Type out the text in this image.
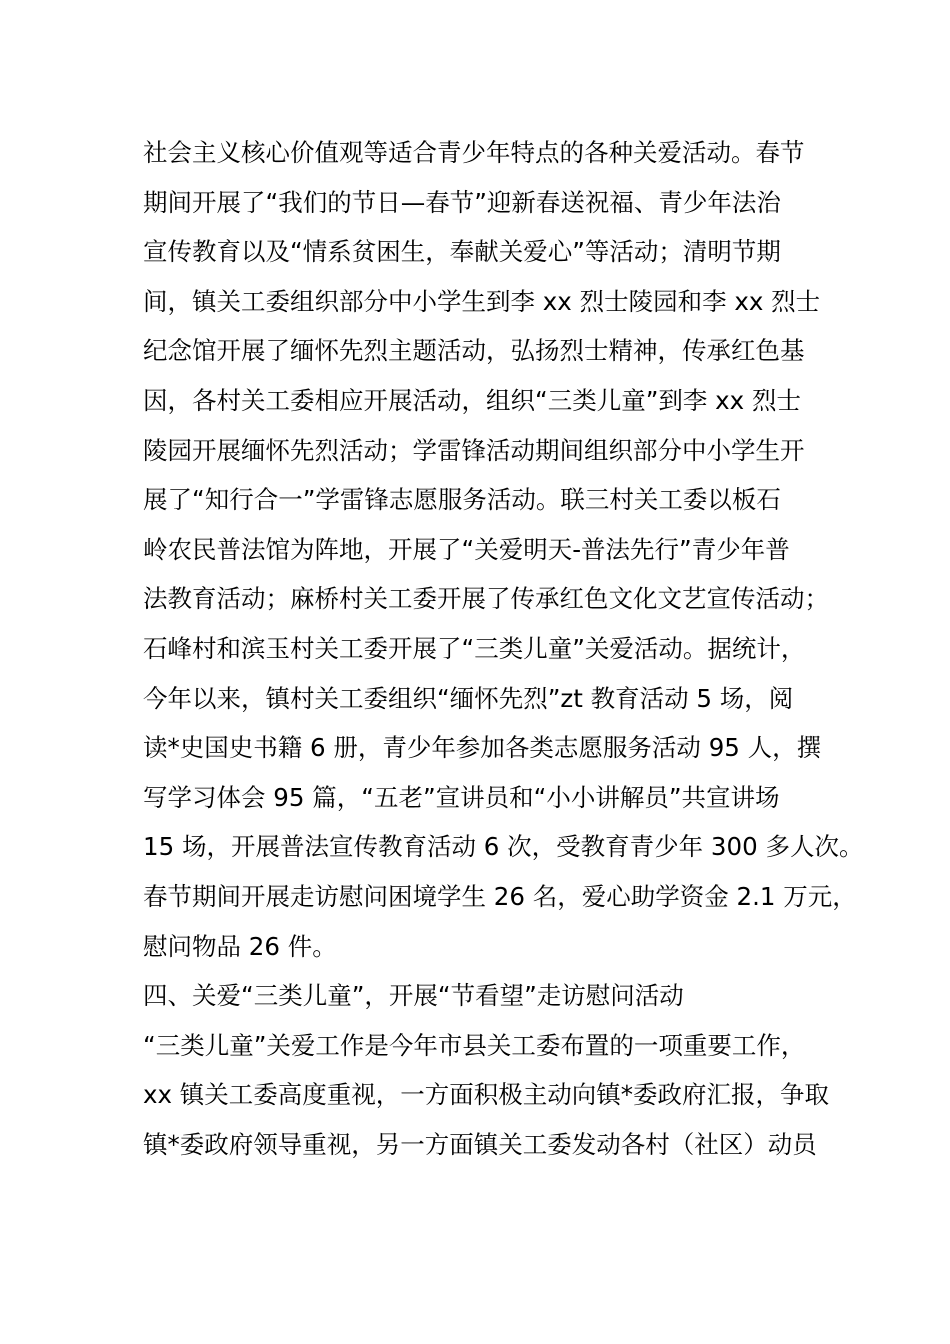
社会主义核心价值观等适合青少年特点的各种关爱活动。春节
期间开展了“我们的节日—春节”迎新春送祝福、青少年法治
宣传教育以及“情系贫困生，奉献关爱心”等活动；清明节期
间，镇关工委组织部分中小学生到李 xx 烈士陵园和李 xx 烈士
纪念馆开展了缅怀先烈主题活动，弘扬烈士精神，传承红色基
因，各村关工委相应开展活动，组织“三类儿童”到李 xx 烈士
陵园开展缅怀先烈活动；学雷锋活动期间组织部分中小学生开
展了“知行合一”学雷锋志愿服务活动。联三村关工委以板石
岭农民普法馆为阵地，开展了“关爱明天-普法先行”青少年普
法教育活动；麻桥村关工委开展了传承红色文化文艺宣传活动；
石峰村和滨玉村关工委开展了“三类儿童”关爱活动。据统计，
今年以来，镇村关工委组织“缅怀先烈”zt 教育活动 5 场，阅
读*史国史书籍 6 册，青少年参加各类志愿服务活动 95 人，撰
写学习体会 95 篇，“五老”宣讲员和“小小讲解员”共宣讲场
15 场，开展普法宣传教育活动 6 次，受教育青少年 300 多人次。
春节期间开展走访慰问困境学生 26 名，爱心助学资金 2.1 万元，
慰问物品 26 件。
四、关爱“三类儿童”，开展“节看望”走访慰问活动
“三类儿童”关爱工作是今年市县关工委布置的一项重要工作，
xx 镇关工委高度重视，一方面积极主动向镇*委政府汇报，争取
镇*委政府领导重视，另一方面镇关工委发动各村（社区）动员
